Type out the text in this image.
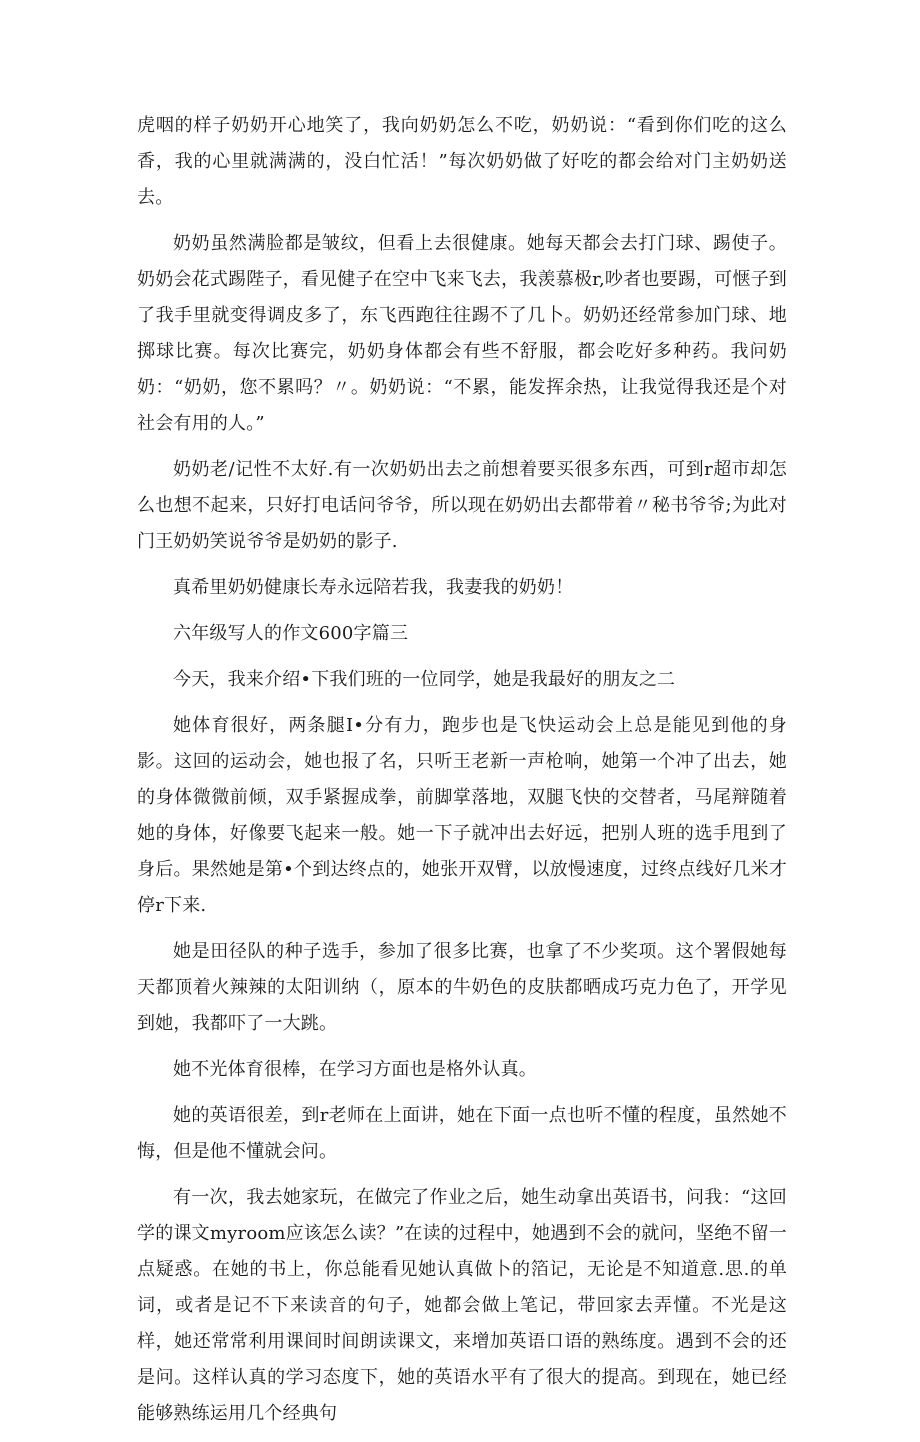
虎咽的样子奶奶开心地笑了，我向奶奶怎么不吃，奶奶说：“看到你们吃的这么香，我的心里就满满的，没白忙活！”每次奶奶做了好吃的都会给对门主奶奶送去。

奶奶虽然满脸都是皱纹，但看上去很健康。她每天都会去打门球、踢使子。奶奶会花式踢陛子，看见健子在空中飞来飞去，我羡慕极r,吵者也要踢，可惬子到了我手里就变得调皮多了，东飞西跑往往踢不了几卜。奶奶还经常参加门球、地掷球比赛。每次比赛完，奶奶身体都会有些不舒服，都会吃好多种药。我问奶奶：“奶奶，您不累吗？〃。奶奶说：“不累，能发挥余热，让我觉得我还是个对社会有用的人。”

奶奶老/记性不太好.有一次奶奶出去之前想着要买很多东西，可到r超市却怎么也想不起来，只好打电话问爷爷，所以现在奶奶出去都带着〃秘书爷爷;为此对门王奶奶笑说爷爷是奶奶的影子.

真希里奶奶健康长寿永远陪若我，我妻我的奶奶！

六年级写人的作文600字篇三

今天，我来介绍•下我们班的一位同学，她是我最好的朋友之二

她体育很好，两条腿I•分有力，跑步也是飞快运动会上总是能见到他的身影。这回的运动会，她也报了名，只听王老新一声枪响，她第一个冲了出去，她的身体微微前倾，双手紧握成拳，前脚掌落地，双腿飞快的交替者，马尾辩随着她的身体，好像要飞起来一般。她一下子就冲出去好远，把别人班的选手甩到了身后。果然她是第•个到达终点的，她张开双臂，以放慢速度，过终点线好几米才停r下来.

她是田径队的种子选手，参加了很多比赛，也拿了不少奖项。这个署假她每天都顶着火辣辣的太阳训纳（，原本的牛奶色的皮肤都晒成巧克力色了，开学见到她，我都吓了一大跳。

她不光体育很棒，在学习方面也是格外认真。

她的英语很差，到r老师在上面讲，她在下面一点也听不懂的程度，虽然她不悔，但是他不懂就会问。

有一次，我去她家玩，在做完了作业之后，她生动拿出英语书，问我：“这回学的课文myroom应该怎么读？”在读的过程中，她遇到不会的就问，坚绝不留一点疑惑。在她的书上，你总能看见她认真做卜的箔记，无论是不知道意.思.的单词，或者是记不下来读音的句子，她都会做上笔记，带回家去弄懂。不光是这样，她还常常利用课间时间朗读课文，来增加英语口语的熟练度。遇到不会的还是问。这样认真的学习态度下，她的英语水平有了很大的提高。到现在，她已经能够熟练运用几个经典句
